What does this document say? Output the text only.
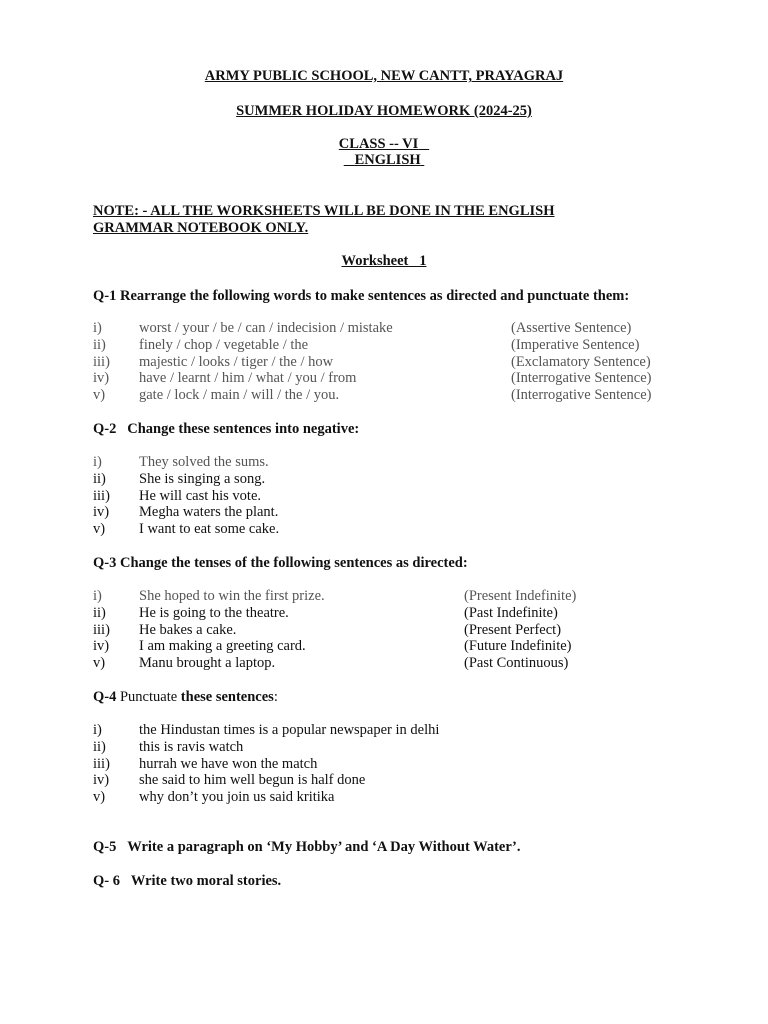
ARMY PUBLIC SCHOOL, NEW CANTT, PRAYAGRAJ
SUMMER HOLIDAY HOMEWORK (2024-25)
CLASS -- VI
ENGLISH
NOTE: - ALL THE WORKSHEETS WILL BE DONE IN THE ENGLISH
GRAMMAR NOTEBOOK ONLY.
Worksheet   1
Q-1 Rearrange the following words to make sentences as directed and punctuate them:
i)	worst / your / be / can / indecision / mistake	(Assertive Sentence)
ii) finely / chop / vegetable / the	(Imperative Sentence)
iii) majestic / looks / tiger / the / how	(Exclamatory Sentence)
iv) have / learnt / him / what / you / from	(Interrogative Sentence)
v) gate / lock / main / will / the / you.	(Interrogative Sentence)
Q-2 Change these sentences into negative:
i)	They solved the sums.
ii) She is singing a song.
iii) He will cast his vote.
iv) Megha waters the plant.
v) I want to eat some cake.
Q-3 Change the tenses of the following sentences as directed:
i)	She hoped to win the first prize.	(Present Indefinite)
ii) He is going to the theatre.	(Past Indefinite)
iii) He bakes a cake.	(Present Perfect)
iv) I am making a greeting card.	(Future Indefinite)
v) Manu brought a laptop.	(Past Continuous)
Q-4 Punctuate these sentences:
i)	the Hindustan times is a popular newspaper in delhi
ii) this is ravis watch
iii) hurrah we have won the match
iv) she said to him well begun is half done
v) why don’t you join us said kritika
Q-5 Write a paragraph on ‘My Hobby’ and ‘A Day Without Water’.
Q- 6 Write two moral stories.
